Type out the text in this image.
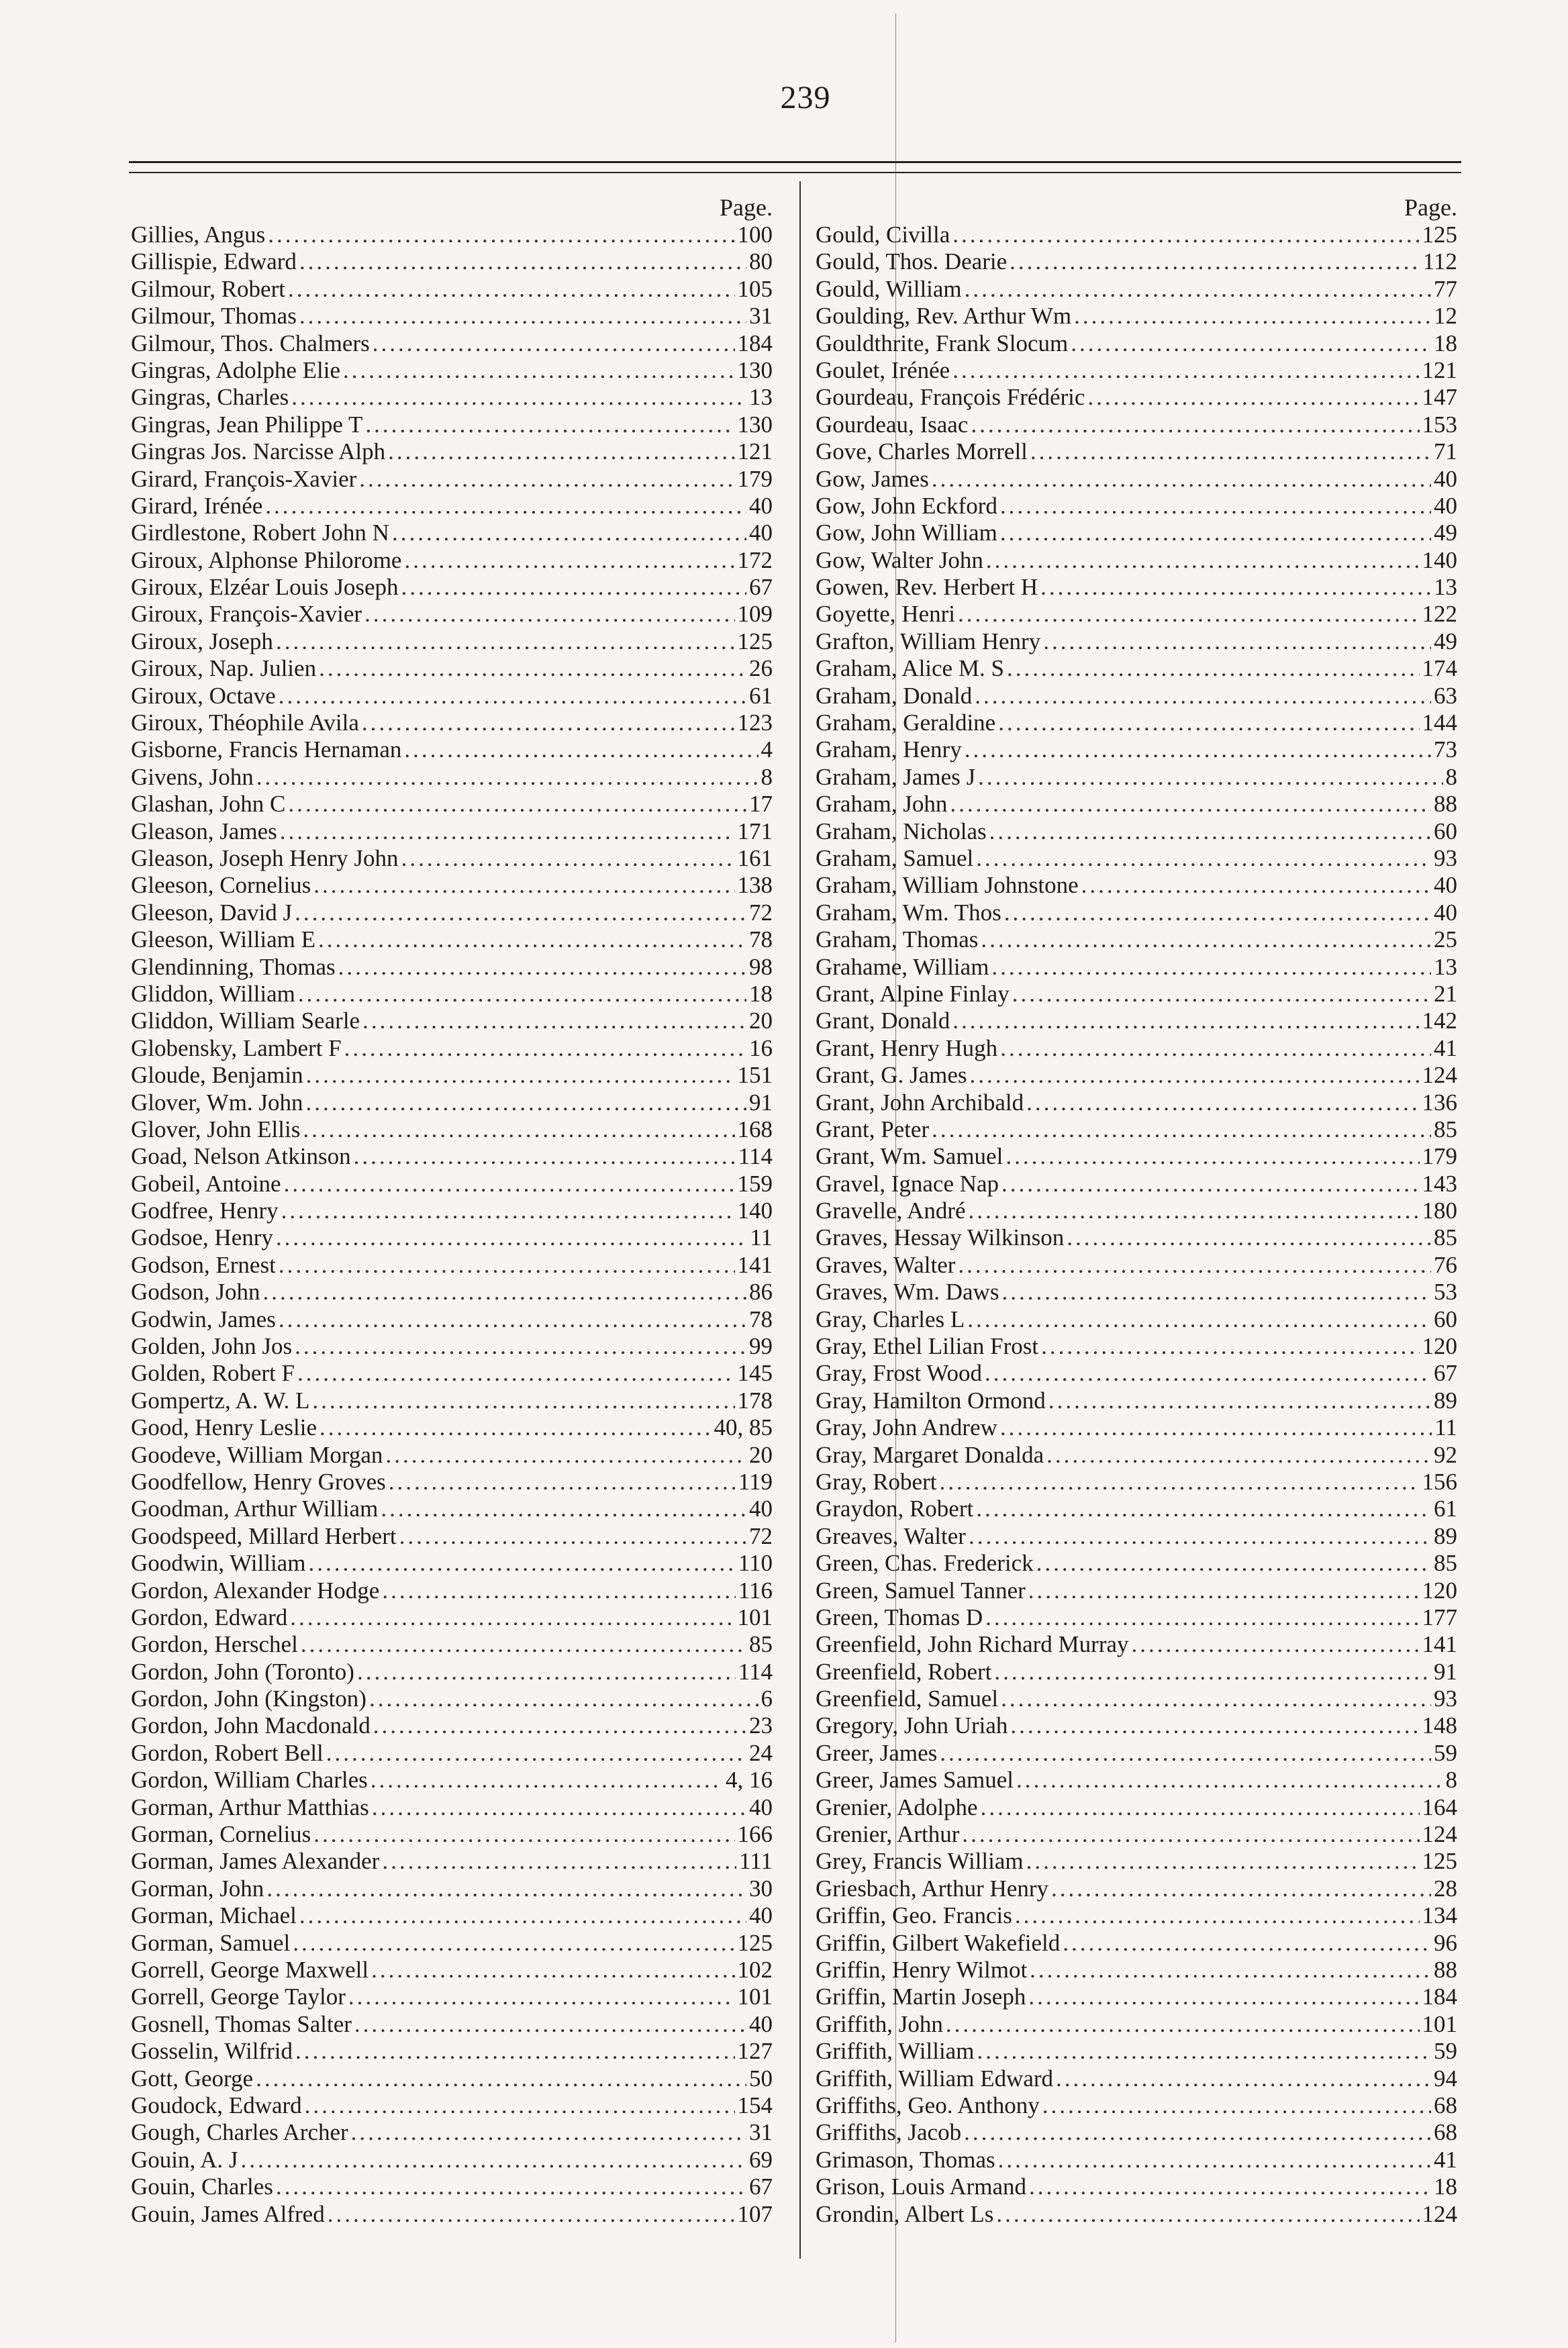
239
Page.
Gillies, Angus .....	100
Gillispie, Edward .....	80
Gilmour, Robert .....	105
Gilmour, Thomas .....	31
Gilmour, Thos. Chalmers .....	184
Gingras, Adolphe Elie .....	130
Gingras, Charles .....	13
Gingras, Jean Philippe T .....	130
Gingras Jos. Narcisse Alph .....	121
Girard, François-Xavier .....	179
Girard, Irénée .....	40
Girdlestone, Robert John N .....	40
Giroux, Alphonse Philorome .....	172
Giroux, Elzéar Louis Joseph .....	67
Giroux, François-Xavier .....	109
Giroux, Joseph .....	125
Giroux, Nap. Julien .....	26
Giroux, Octave .....	61
Giroux, Théophile Avila .....	123
Gisborne, Francis Hernaman .....	4
Givens, John .....	8
Glashan, John C .....	17
Gleason, James .....	171
Gleason, Joseph Henry John .....	161
Gleeson, Cornelius .....	138
Gleeson, David J .....	72
Gleeson, William E .....	78
Glendinning, Thomas .....	98
Gliddon, William .....	18
Gliddon, William Searle .....	20
Globensky, Lambert F .....	16
Gloude, Benjamin .....	151
Glover, Wm. John .....	91
Glover, John Ellis .....	168
Goad, Nelson Atkinson .....	114
Gobeil, Antoine .....	159
Godfree, Henry .....	140
Godsoe, Henry .....	11
Godson, Ernest .....	141
Godson, John .....	86
Godwin, James .....	78
Golden, John Jos .....	99
Golden, Robert F .....	145
Gompertz, A. W. L .....	178
Good, Henry Leslie .....	40, 85
Goodeve, William Morgan .....	20
Goodfellow, Henry Groves .....	119
Goodman, Arthur William .....	40
Goodspeed, Millard Herbert .....	72
Goodwin, William .....	110
Gordon, Alexander Hodge .....	116
Gordon, Edward .....	101
Gordon, Herschel .....	85
Gordon, John (Toronto) .....	114
Gordon, John (Kingston) .....	6
Gordon, John Macdonald .....	23
Gordon, Robert Bell .....	24
Gordon, William Charles .....	4, 16
Gorman, Arthur Matthias .....	40
Gorman, Cornelius .....	166
Gorman, James Alexander .....	111
Gorman, John .....	30
Gorman, Michael .....	40
Gorman, Samuel .....	125
Gorrell, George Maxwell .....	102
Gorrell, George Taylor .....	101
Gosnell, Thomas Salter .....	40
Gosselin, Wilfrid .....	127
Gott, George .....	50
Goudock, Edward .....	154
Gough, Charles Archer .....	31
Gouin, A. J .....	69
Gouin, Charles .....	67
Gouin, James Alfred .....	107
Page.
Gould, Civilla .....	125
Gould, Thos. Dearie .....	112
Gould, William .....	77
Goulding, Rev. Arthur Wm .....	12
Gouldthrite, Frank Slocum .....	18
Goulet, Irénée .....	121
Gourdeau, François Frédéric .....	147
Gourdeau, Isaac .....	153
Gove, Charles Morrell .....	71
Gow, James .....	40
Gow, John Eckford .....	40
Gow, John William .....	49
Gow, Walter John .....	140
Gowen, Rev. Herbert H .....	13
Goyette, Henri .....	122
Grafton, William Henry .....	49
Graham, Alice M. S .....	174
Graham, Donald .....	63
Graham, Geraldine .....	144
Graham, Henry .....	73
Graham, James J .....	8
Graham, John .....	88
Graham, Nicholas .....	60
Graham, Samuel .....	93
Graham, William Johnstone .....	40
Graham, Wm. Thos .....	40
Graham, Thomas .....	25
Grahame, William .....	13
Grant, Alpine Finlay .....	21
Grant, Donald .....	142
Grant, Henry Hugh .....	41
Grant, G. James .....	124
Grant, John Archibald .....	136
Grant, Peter .....	85
Grant, Wm. Samuel .....	179
Gravel, Ignace Nap .....	143
Gravelle, André .....	180
Graves, Hessay Wilkinson .....	85
Graves, Walter .....	76
Graves, Wm. Daws .....	53
Gray, Charles L .....	60
Gray, Ethel Lilian Frost .....	120
Gray, Frost Wood .....	67
Gray, Hamilton Ormond .....	89
Gray, John Andrew .....	11
Gray, Margaret Donalda .....	92
Gray, Robert .....	156
Graydon, Robert .....	61
Greaves, Walter .....	89
Green, Chas. Frederick .....	85
Green, Samuel Tanner .....	120
Green, Thomas D .....	177
Greenfield, John Richard Murray .....	141
Greenfield, Robert .....	91
Greenfield, Samuel .....	93
Gregory, John Uriah .....	148
Greer, James .....	59
Greer, James Samuel .....	8
Grenier, Adolphe .....	164
Grenier, Arthur .....	124
Grey, Francis William .....	125
Griesbach, Arthur Henry .....	28
Griffin, Geo. Francis .....	134
Griffin, Gilbert Wakefield .....	96
Griffin, Henry Wilmot .....	88
Griffin, Martin Joseph .....	184
Griffith, John .....	101
Griffith, William .....	59
Griffith, William Edward .....	94
Griffiths, Geo. Anthony .....	68
Griffiths, Jacob .....	68
Grimason, Thomas .....	41
Grison, Louis Armand .....	18
Grondin, Albert Ls .....	124
